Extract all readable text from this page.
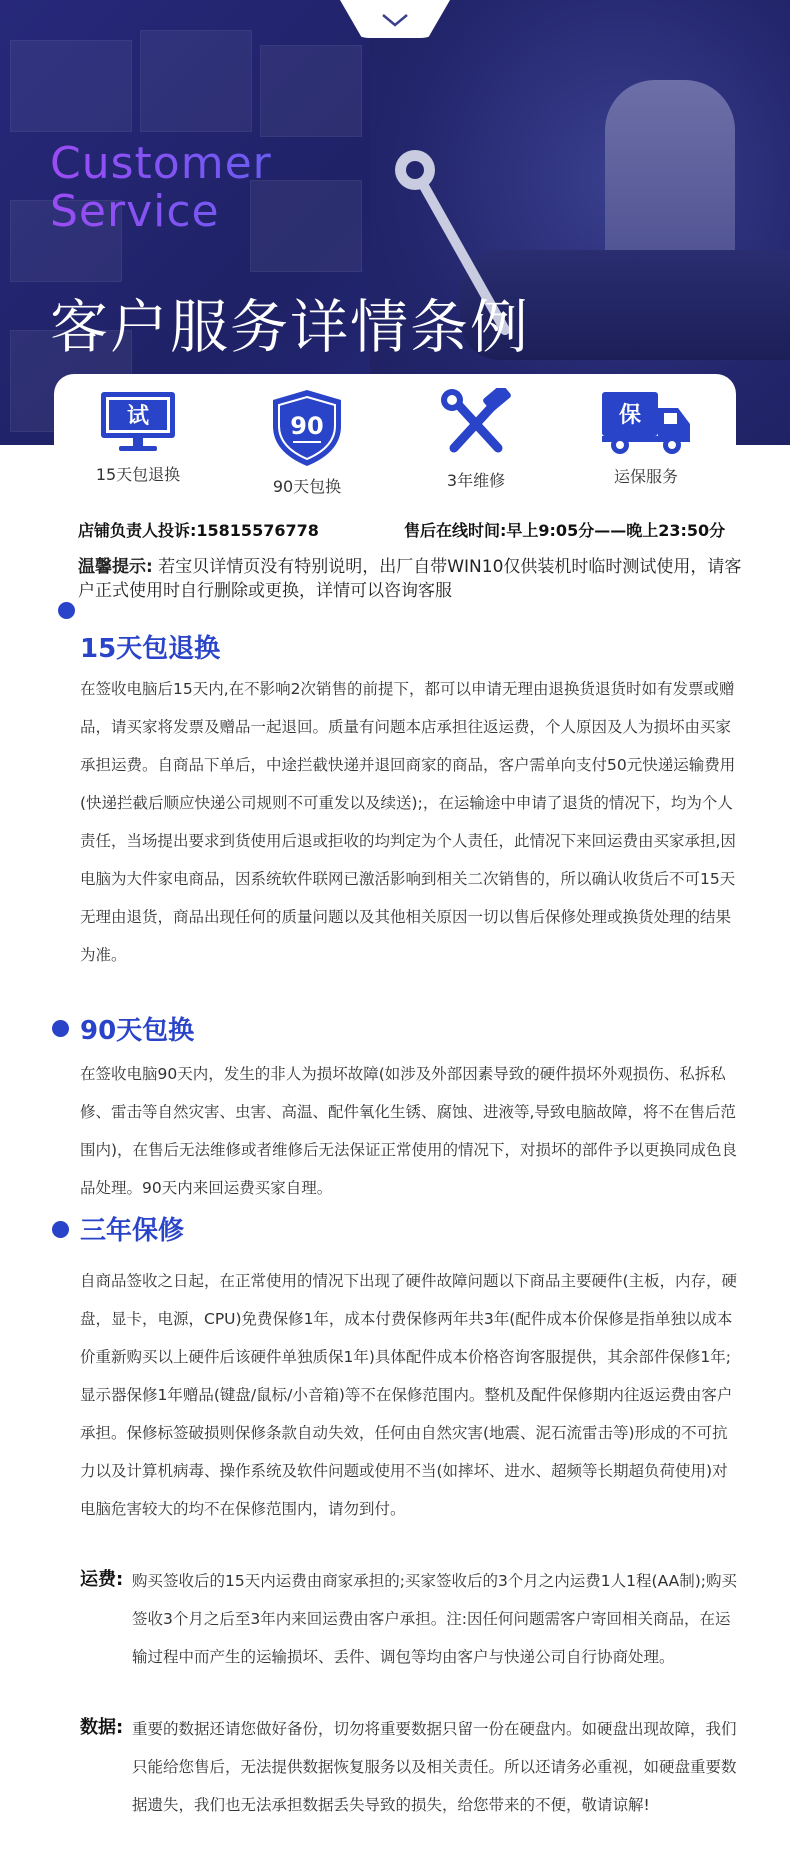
Customer
Service
客户服务详情条例
试
15天包退换
90
90天包换	3年维修
保
运保服务
店铺负责人投诉:15815576778	售后在线时间:早上9:05分——晚上23:50分
温馨提示: 若宝贝详情页没有特别说明，出厂自带WIN10仅供装机时临时测试使用，请客户正式使用时自行删除或更换，详情可以咨询客服
15天包退换

在签收电脑后15天内,在不影响2次销售的前提下，都可以申请无理由退换货退货时如有发票或赠品，请买家将发票及赠品一起退回。质量有问题本店承担往返运费，个人原因及人为损坏由买家承担运费。自商品下单后，中途拦截快递并退回商家的商品，客户需单向支付50元快递运输费用(快递拦截后顺应快递公司规则不可重发以及续送);，在运输途中申请了退货的情况下，均为个人责任，当场提出要求到货使用后退或拒收的均判定为个人责任，此情况下来回运费由买家承担,因电脑为大件家电商品，因系统软件联网已激活影响到相关二次销售的，所以确认收货后不可15天无理由退货，商品出现任何的质量问题以及其他相关原因一切以售后保修处理或换货处理的结果为准。

90天包换

在签收电脑90天内，发生的非人为损坏故障(如涉及外部因素导致的硬件损坏外观损伤、私拆私修、雷击等自然灾害、虫害、高温、配件氧化生锈、腐蚀、进液等,导致电脑故障，将不在售后范围内)，在售后无法维修或者维修后无法保证正常使用的情况下，对损坏的部件予以更换同成色良品处理。90天内来回运费买家自理。

三年保修

自商品签收之日起，在正常使用的情况下出现了硬件故障问题以下商品主要硬件(主板，内存，硬盘，显卡，电源，CPU)免费保修1年，成本付费保修两年共3年(配件成本价保修是指单独以成本价重新购买以上硬件后该硬件单独质保1年)具体配件成本价格咨询客服提供，其余部件保修1年;显示器保修1年赠品(键盘/鼠标/小音箱)等不在保修范围内。整机及配件保修期内往返运费由客户承担。保修标签破损则保修条款自动失效，任何由自然灾害(地震、泥石流雷击等)形成的不可抗力以及计算机病毒、操作系统及软件问题或使用不当(如摔坏、进水、超频等长期超负荷使用)对电脑危害较大的均不在保修范围内，请勿到付。

运费: 购买签收后的15天内运费由商家承担的;买家签收后的3个月之内运费1人1程(AA制);购买签收3个月之后至3年内来回运费由客户承担。注:因任何问题需客户寄回相关商品，在运输过程中而产生的运输损坏、丢件、调包等均由客户与快递公司自行协商处理。

数据: 重要的数据还请您做好备份，切勿将重要数据只留一份在硬盘内。如硬盘出现故障，我们只能给您售后，无法提供数据恢复服务以及相关责任。所以还请务必重视，如硬盘重要数据遗失，我们也无法承担数据丢失导致的损失，给您带来的不便，敬请谅解!
